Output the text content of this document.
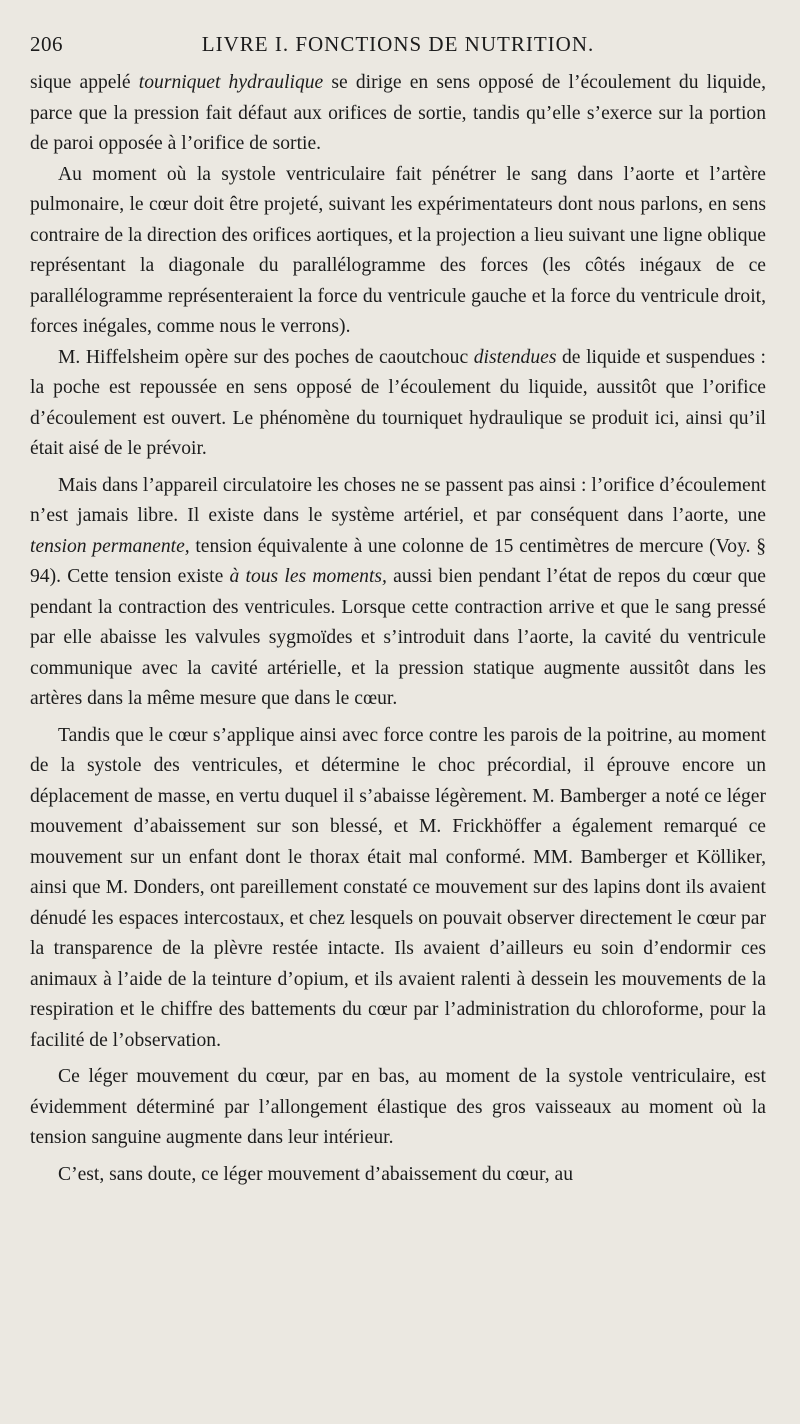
206	LIVRE I. FONCTIONS DE NUTRITION.

sique appelé tourniquet hydraulique se dirige en sens opposé de l’écoulement du liquide, parce que la pression fait défaut aux orifices de sortie, tandis qu’elle s’exerce sur la portion de paroi opposée à l’orifice de sortie.

Au moment où la systole ventriculaire fait pénétrer le sang dans l’aorte et l’artère pulmonaire, le cœur doit être projeté, suivant les expérimentateurs dont nous parlons, en sens contraire de la direction des orifices aortiques, et la projection a lieu suivant une ligne oblique représentant la diagonale du parallélogramme des forces (les côtés inégaux de ce parallélogramme représenteraient la force du ventricule gauche et la force du ventricule droit, forces inégales, comme nous le verrons).

M. Hiffelsheim opère sur des poches de caoutchouc distendues de liquide et suspendues : la poche est repoussée en sens opposé de l’écoulement du liquide, aussitôt que l’orifice d’écoulement est ouvert. Le phénomène du tourniquet hydraulique se produit ici, ainsi qu’il était aisé de le prévoir.

Mais dans l’appareil circulatoire les choses ne se passent pas ainsi : l’orifice d’écoulement n’est jamais libre. Il existe dans le système artériel, et par conséquent dans l’aorte, une tension permanente, tension équivalente à une colonne de 15 centimètres de mercure (Voy. § 94). Cette tension existe à tous les moments, aussi bien pendant l’état de repos du cœur que pendant la contraction des ventricules. Lorsque cette contraction arrive et que le sang pressé par elle abaisse les valvules sygmoïdes et s’introduit dans l’aorte, la cavité du ventricule communique avec la cavité artérielle, et la pression statique augmente aussitôt dans les artères dans la même mesure que dans le cœur.

Tandis que le cœur s’applique ainsi avec force contre les parois de la poitrine, au moment de la systole des ventricules, et détermine le choc précordial, il éprouve encore un déplacement de masse, en vertu duquel il s’abaisse légèrement. M. Bamberger a noté ce léger mouvement d’abaissement sur son blessé, et M. Frickhöffer a également remarqué ce mouvement sur un enfant dont le thorax était mal conformé. MM. Bamberger et Kölliker, ainsi que M. Donders, ont pareillement constaté ce mouvement sur des lapins dont ils avaient dénudé les espaces intercostaux, et chez lesquels on pouvait observer directement le cœur par la transparence de la plèvre restée intacte. Ils avaient d’ailleurs eu soin d’endormir ces animaux à l’aide de la teinture d’opium, et ils avaient ralenti à dessein les mouvements de la respiration et le chiffre des battements du cœur par l’administration du chloroforme, pour la facilité de l’observation.

Ce léger mouvement du cœur, par en bas, au moment de la systole ventriculaire, est évidemment déterminé par l’allongement élastique des gros vaisseaux au moment où la tension sanguine augmente dans leur intérieur.

C’est, sans doute, ce léger mouvement d’abaissement du cœur, au
